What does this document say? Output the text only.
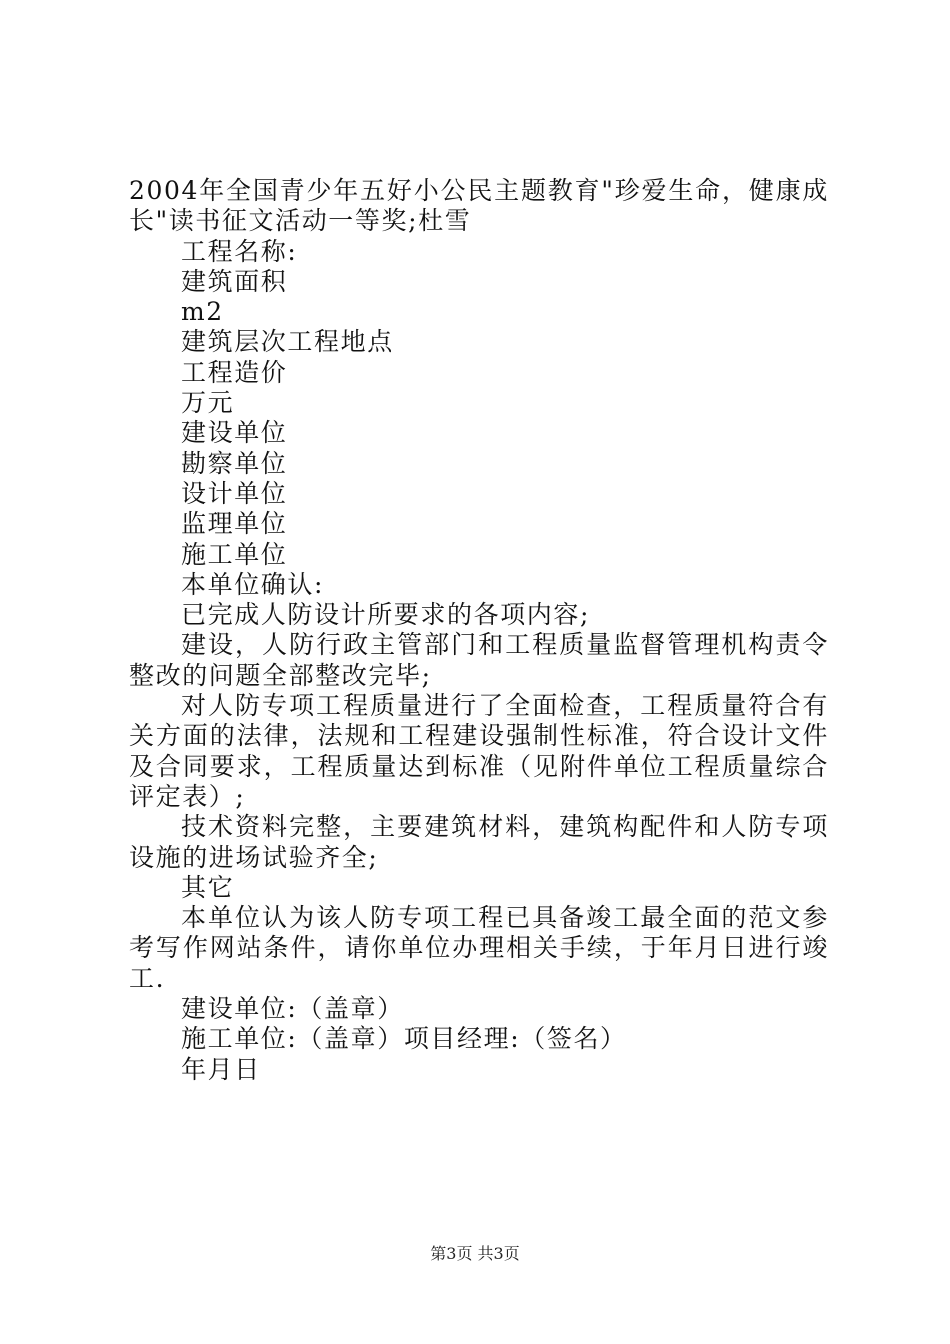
2004年全国青少年五好小公民主题教育"珍爱生命，健康成长"读书征文活动一等奖;杜雪

工程名称:

建筑面积

m2

建筑层次工程地点

工程造价

万元

建设单位

勘察单位

设计单位

监理单位

施工单位

本单位确认:

已完成人防设计所要求的各项内容;

建设，人防行政主管部门和工程质量监督管理机构责令整改的问题全部整改完毕;

对人防专项工程质量进行了全面检查，工程质量符合有关方面的法律，法规和工程建设强制性标准，符合设计文件及合同要求，工程质量达到标准（见附件单位工程质量综合评定表）;

技术资料完整，主要建筑材料，建筑构配件和人防专项设施的进场试验齐全;

其它

本单位认为该人防专项工程已具备竣工最全面的范文参考写作网站条件，请你单位办理相关手续，于年月日进行竣工.

建设单位:（盖章）

施工单位:（盖章）项目经理:（签名）

年月日

第3页 共3页
